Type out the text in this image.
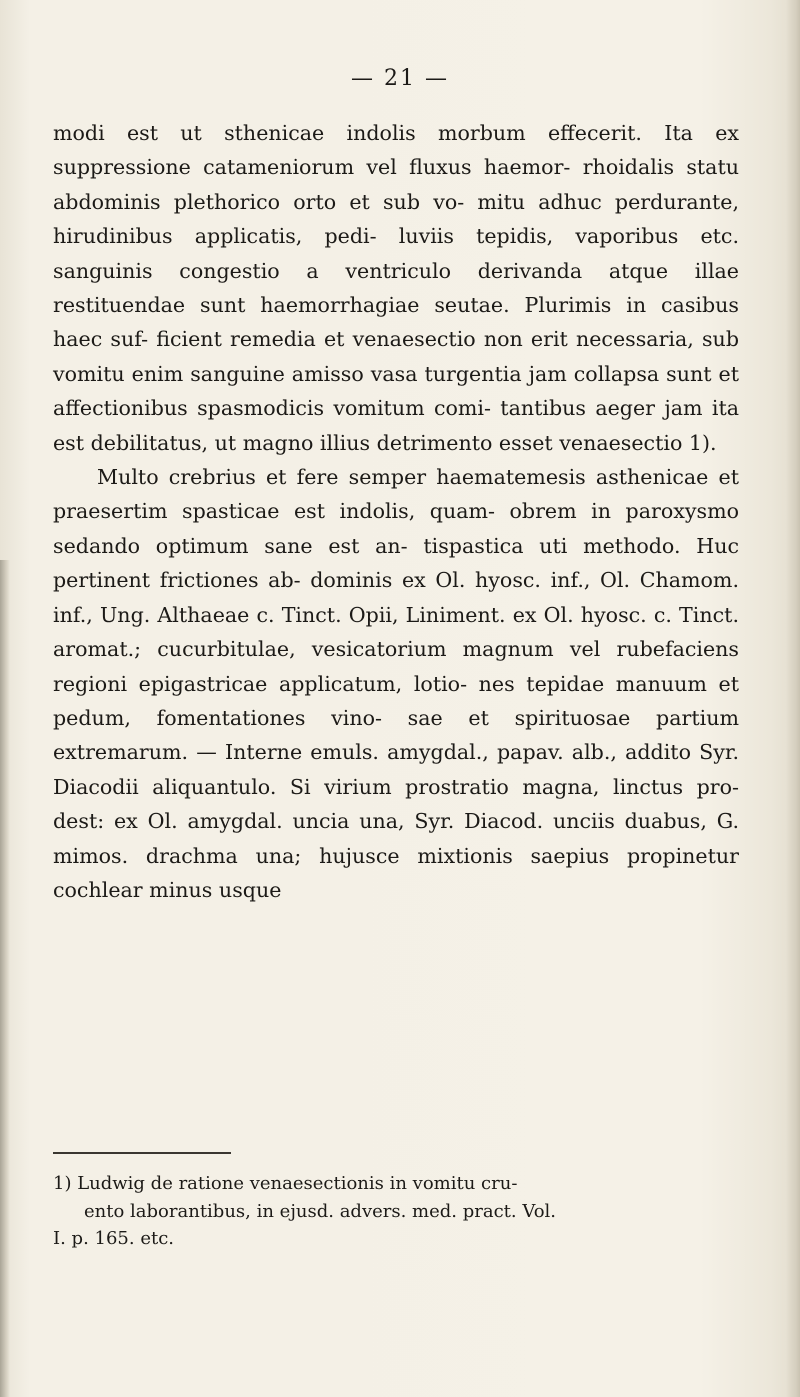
— 21 —

modi est ut sthenicae indolis morbum effecerit. Ita ex suppressione catameniorum vel fluxus haemor- rhoidalis statu abdominis plethorico orto et sub vo- mitu adhuc perdurante, hirudinibus applicatis, pedi- luviis tepidis, vaporibus etc. sanguinis congestio a ventriculo derivanda atque illae restituendae sunt haemorrhagiae seutae. Plurimis in casibus haec suf- ficient remedia et venaesectio non erit necessaria, sub vomitu enim sanguine amisso vasa turgentia jam collapsa sunt et affectionibus spasmodicis vomitum comi- tantibus aeger jam ita est debilitatus, ut magno illius detrimento esset venaesectio 1).

Multo crebrius et fere semper haematemesis asthenicae et praesertim spasticae est indolis, quam- obrem in paroxysmo sedando optimum sane est an- tispastica uti methodo. Huc pertinent frictiones ab- dominis ex Ol. hyosc. inf., Ol. Chamom. inf., Ung. Althaeae c. Tinct. Opii, Liniment. ex Ol. hyosc. c. Tinct. aromat.; cucurbitulae, vesicatorium magnum vel rubefaciens regioni epigastricae applicatum, lotio- nes tepidae manuum et pedum, fomentationes vino- sae et spirituosae partium extremarum. — Interne emuls. amygdal., papav. alb., addito Syr. Diacodii aliquantulo. Si virium prostratio magna, linctus pro- dest: ex Ol. amygdal. uncia una, Syr. Diacod. unciis duabus, G. mimos. drachma una; hujusce mixtionis saepius propinetur cochlear minus usque

1) Ludwig de ratione venaesectionis in vomitu cru-
ento laborantibus, in ejusd. advers. med. pract. Vol.
I. p. 165. etc.
